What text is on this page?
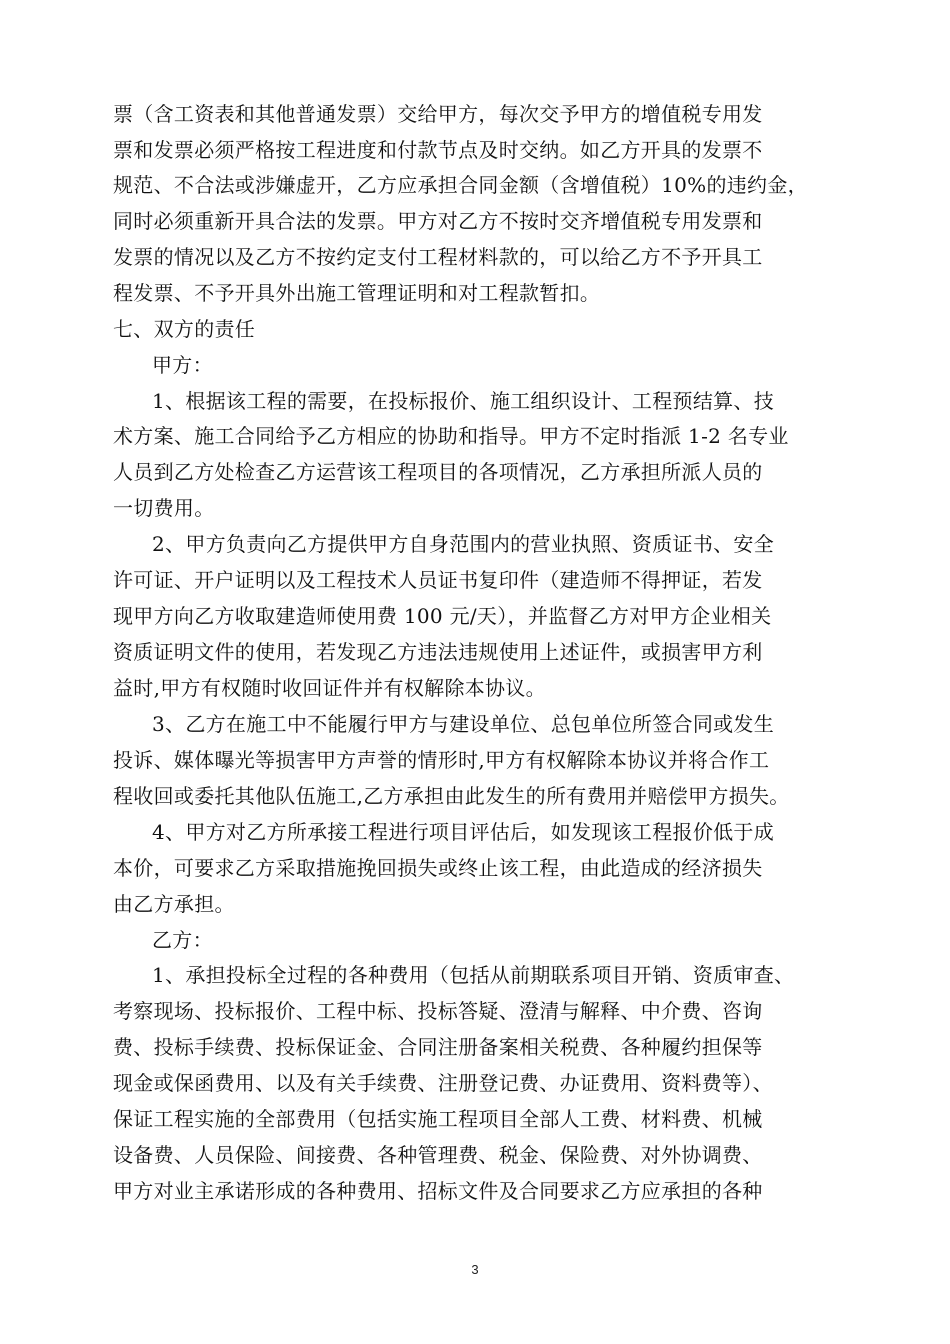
票（含工资表和其他普通发票）交给甲方，每次交予甲方的增值税专用发
票和发票必须严格按工程进度和付款节点及时交纳。如乙方开具的发票不
规范、不合法或涉嫌虚开，乙方应承担合同金额（含增值税）10%的违约金，
同时必须重新开具合法的发票。甲方对乙方不按时交齐增值税专用发票和
发票的情况以及乙方不按约定支付工程材料款的，可以给乙方不予开具工
程发票、不予开具外出施工管理证明和对工程款暂扣。
七、双方的责任
甲方：
1、根据该工程的需要，在投标报价、施工组织设计、工程预结算、技
术方案、施工合同给予乙方相应的协助和指导。甲方不定时指派 1-2 名专业
人员到乙方处检查乙方运营该工程项目的各项情况，乙方承担所派人员的
一切费用。
2、甲方负责向乙方提供甲方自身范围内的营业执照、资质证书、安全
许可证、开户证明以及工程技术人员证书复印件（建造师不得押证，若发
现甲方向乙方收取建造师使用费 100 元/天），并监督乙方对甲方企业相关
资质证明文件的使用，若发现乙方违法违规使用上述证件，或损害甲方利
益时,甲方有权随时收回证件并有权解除本协议。
3、乙方在施工中不能履行甲方与建设单位、总包单位所签合同或发生
投诉、媒体曝光等损害甲方声誉的情形时,甲方有权解除本协议并将合作工
程收回或委托其他队伍施工,乙方承担由此发生的所有费用并赔偿甲方损失。
4、甲方对乙方所承接工程进行项目评估后，如发现该工程报价低于成
本价，可要求乙方采取措施挽回损失或终止该工程，由此造成的经济损失
由乙方承担。
乙方：
1、承担投标全过程的各种费用（包括从前期联系项目开销、资质审查、
考察现场、投标报价、工程中标、投标答疑、澄清与解释、中介费、咨询
费、投标手续费、投标保证金、合同注册备案相关税费、各种履约担保等
现金或保函费用、以及有关手续费、注册登记费、办证费用、资料费等）、
保证工程实施的全部费用（包括实施工程项目全部人工费、材料费、机械
设备费、人员保险、间接费、各种管理费、税金、保险费、对外协调费、
甲方对业主承诺形成的各种费用、招标文件及合同要求乙方应承担的各种
3
